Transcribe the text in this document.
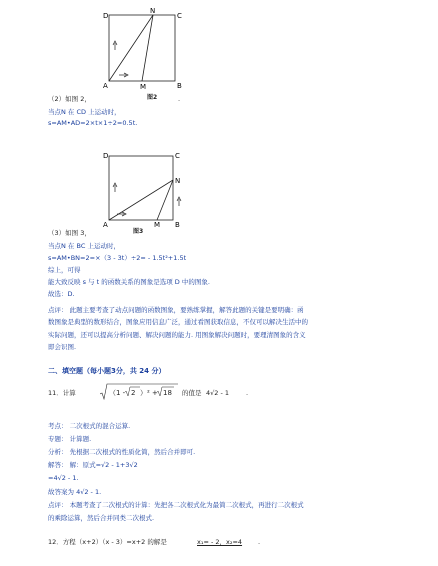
D
N
C
A	M	B
图2
（2）如图 2，	.
当点N 在 CD 上运动时，
s=AM•AD=2×t×1÷2=0.5t.
D	C
N
A	M B
（3）如图 3，	图3
当点N 在 BC 上运动时，
s=AM•BN=2=×（3 - 3t）÷2= - 1.5t²+1.5t
综上，可得
能大致反映 s 与 t 的函数关系的图象是选项 D 中的图象.
故选：D.
点评： 此题主要考查了动点问题的函数图象，要熟练掌握，解答此题的关键是要明确：函
数图象是典型的数形结合，图象应用信息广泛，通过看图获取信息，不仅可以解决生活中的
实际问题，还可以提高分析问题、解决问题的能力. 用图象解决问题时，要理清图象的含义
即会识图.
二、填空题（每小题3分，共 24 分）
11．计算	（1 - 2 ）² + 18 的值是 4√2 - 1	.
考点： 二次根式的混合运算.
专题： 计算题.
分析： 先根据二次根式的性质化简，然后合并即可.
解答： 解：原式=√2 - 1+3√2
=4√2 - 1.
故答案为 4√2 - 1.
点评： 本题考查了二次根式的计算：先把各二次根式化为最简二次根式，再进行二次根式
的乘除运算，然后合并同类二次根式.
12．方程（x+2）（x - 3）=x+2 的解是	x₁= - 2，x₂=4 .
